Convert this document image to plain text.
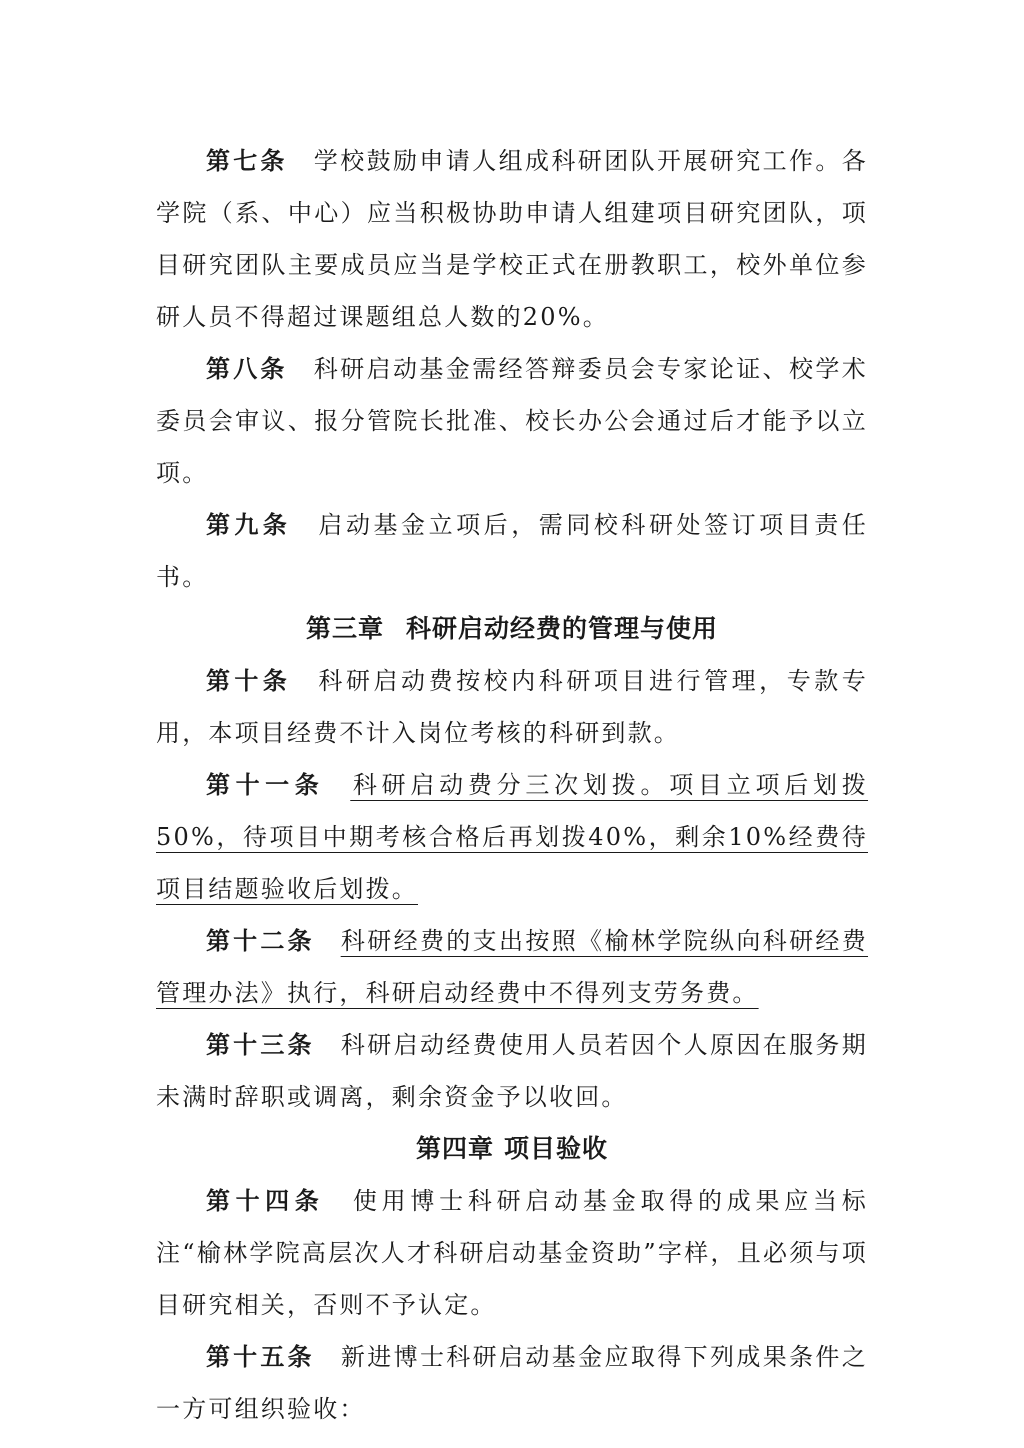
第七条 学校鼓励申请人组成科研团队开展研究工作。各学院（系、中心）应当积极协助申请人组建项目研究团队，项目研究团队主要成员应当是学校正式在册教职工，校外单位参研人员不得超过课题组总人数的20%。

第八条 科研启动基金需经答辩委员会专家论证、校学术委员会审议、报分管院长批准、校长办公会通过后才能予以立项。

第九条 启动基金立项后，需同校科研处签订项目责任书。

第三章 科研启动经费的管理与使用

第十条 科研启动费按校内科研项目进行管理，专款专用，本项目经费不计入岗位考核的科研到款。

第十一条 科研启动费分三次划拨。项目立项后划拨50%，待项目中期考核合格后再划拨40%，剩余10%经费待项目结题验收后划拨。

第十二条 科研经费的支出按照《榆林学院纵向科研经费管理办法》执行，科研启动经费中不得列支劳务费。

第十三条 科研启动经费使用人员若因个人原因在服务期未满时辞职或调离，剩余资金予以收回。

第四章 项目验收

第十四条 使用博士科研启动基金取得的成果应当标注“榆林学院高层次人才科研启动基金资助”字样，且必须与项目研究相关，否则不予认定。

第十五条 新进博士科研启动基金应取得下列成果条件之一方可组织验收：
